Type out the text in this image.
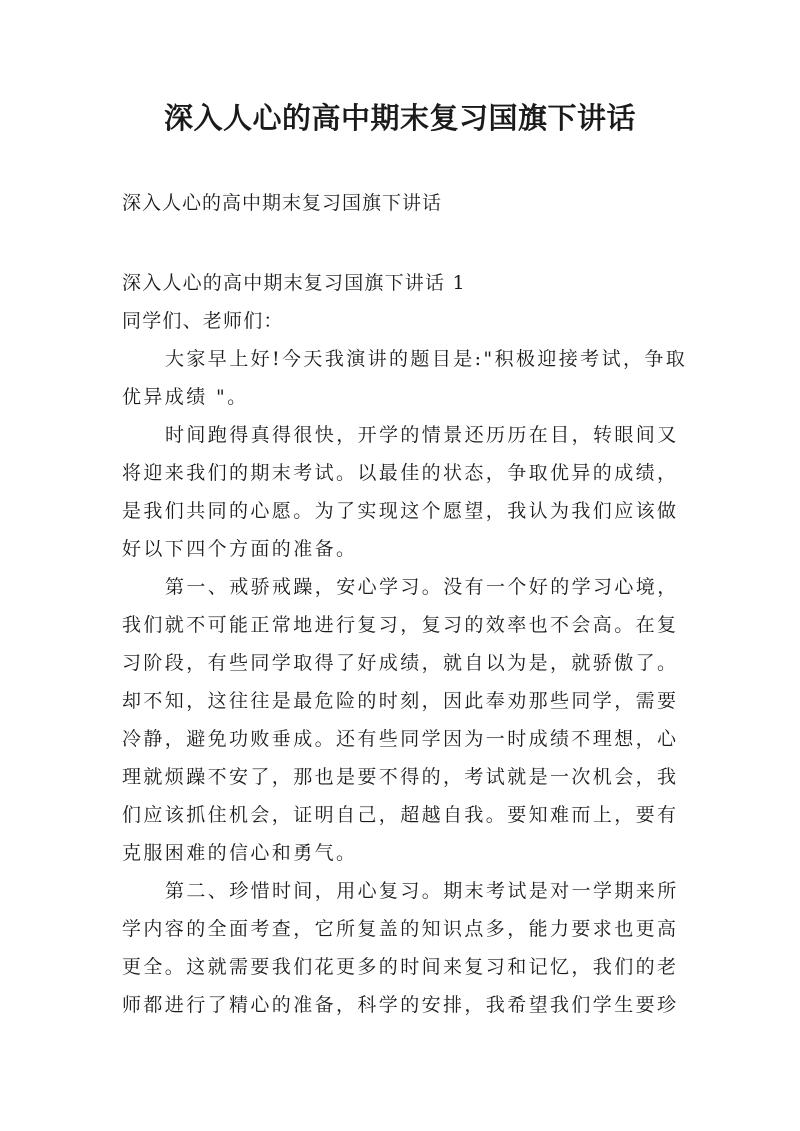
深入人心的高中期末复习国旗下讲话

深入人心的高中期末复习国旗下讲话

深入人心的高中期末复习国旗下讲话 1

同学们、老师们：

大家早上好!今天我演讲的题目是:"积极迎接考试，争取优异成绩 "。

时间跑得真得很快，开学的情景还历历在目，转眼间又将迎来我们的期末考试。以最佳的状态，争取优异的成绩，是我们共同的心愿。为了实现这个愿望，我认为我们应该做好以下四个方面的准备。

第一、戒骄戒躁，安心学习。没有一个好的学习心境，我们就不可能正常地进行复习，复习的效率也不会高。在复习阶段，有些同学取得了好成绩，就自以为是，就骄傲了。却不知，这往往是最危险的时刻，因此奉劝那些同学，需要冷静，避免功败垂成。还有些同学因为一时成绩不理想，心理就烦躁不安了，那也是要不得的，考试就是一次机会，我们应该抓住机会，证明自己，超越自我。要知难而上，要有克服困难的信心和勇气。

第二、珍惜时间，用心复习。期末考试是对一学期来所学内容的全面考查，它所复盖的知识点多，能力要求也更高更全。这就需要我们花更多的时间来复习和记忆，我们的老师都进行了精心的准备，科学的安排，我希望我们学生要珍
